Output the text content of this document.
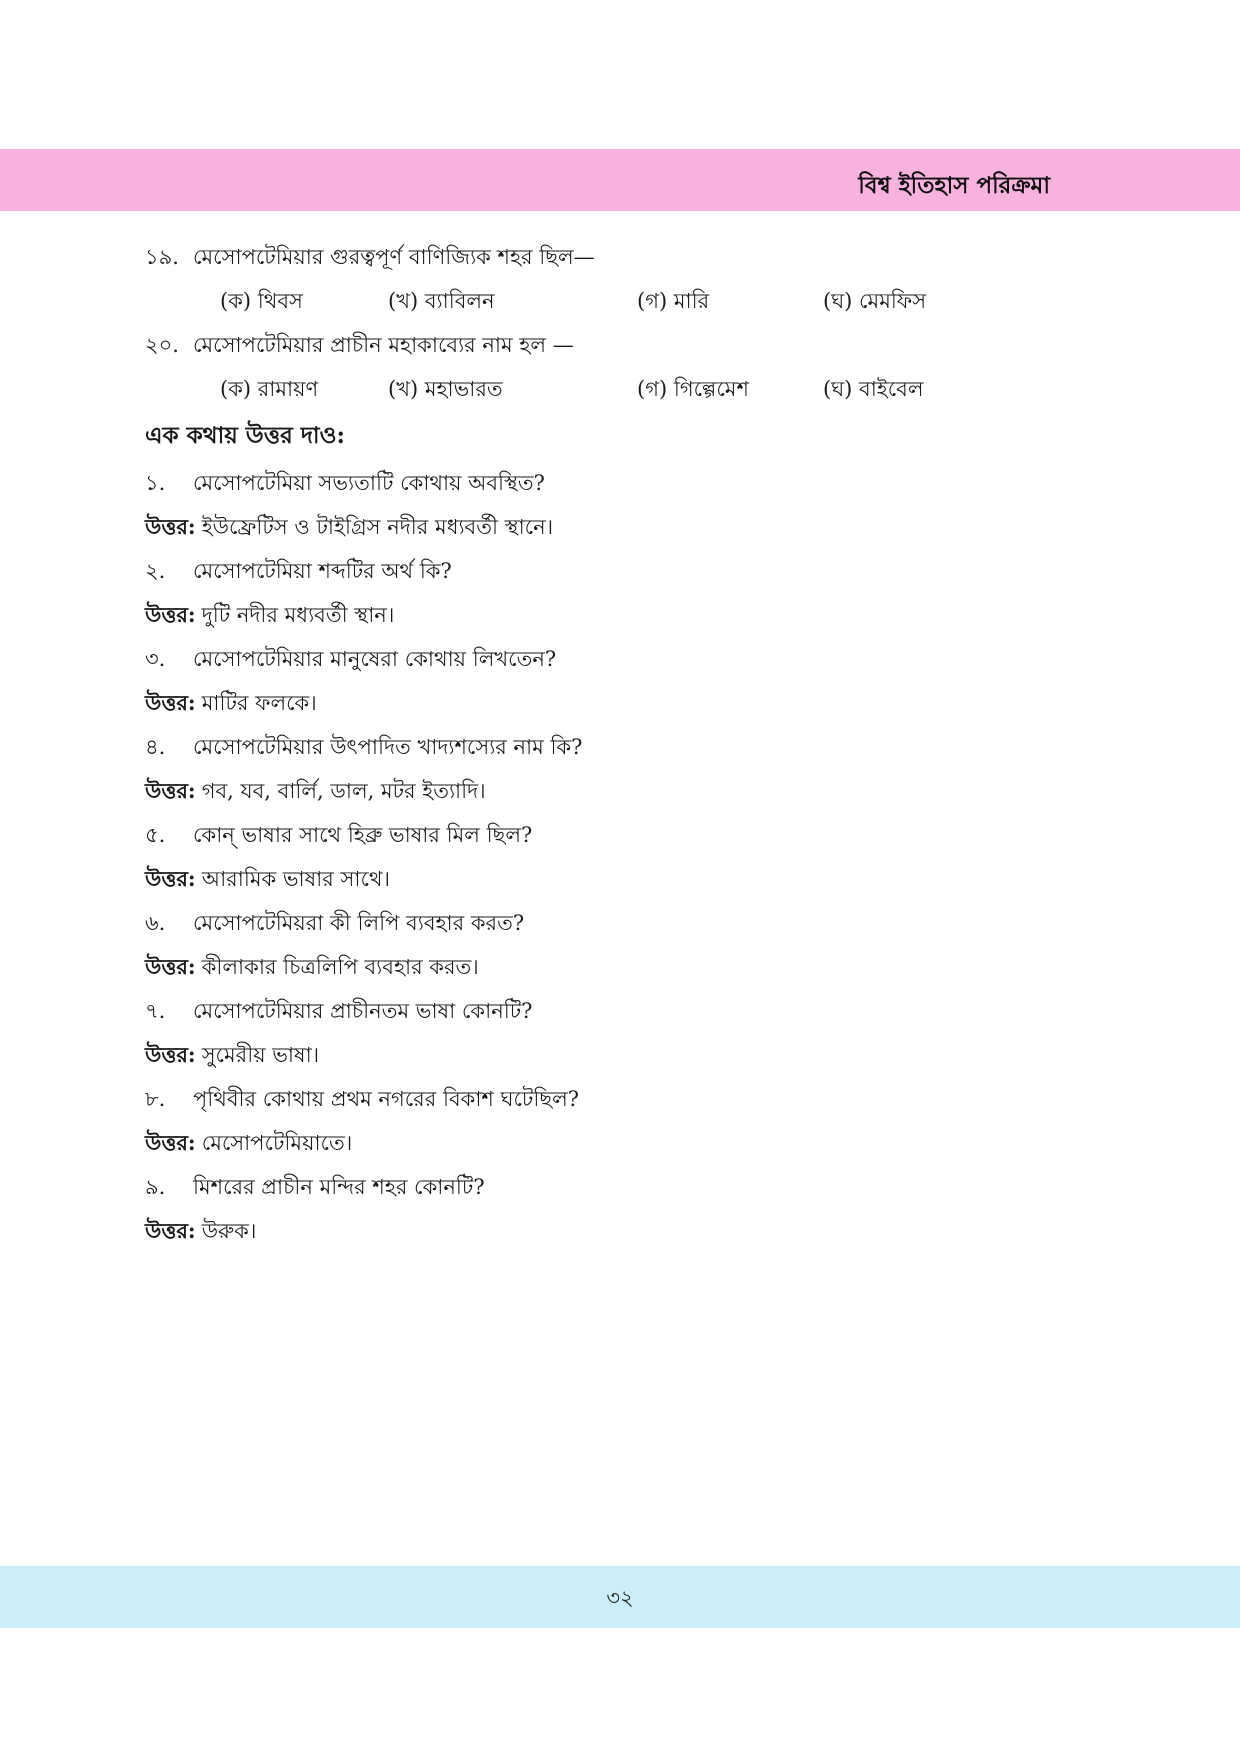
বিশ্ব ইতিহাস পরিক্রমা
১৯. মেসোপটেমিয়ার গুরত্বপূর্ণ বাণিজ্যিক শহর ছিল—
(ক) থিবস	(খ) ব্যাবিলন	(গ) মারি	(ঘ) মেমফিস
২০. মেসোপটেমিয়ার প্রাচীন মহাকাব্যের নাম হল —
(ক) রামায়ণ	(খ) মহাভারত	(গ) গিল্গেমেশ	(ঘ) বাইবেল
এক কথায় উত্তর দাও:
১. মেসোপটেমিয়া সভ্যতাটি কোথায় অবস্থিত?
উত্তর: ইউফ্রেটিস ও টাইগ্রিস নদীর মধ্যবর্তী স্থানে।
২. মেসোপটেমিয়া শব্দটির অর্থ কি?
উত্তর: দুটি নদীর মধ্যবর্তী স্থান।
৩. মেসোপটেমিয়ার মানুষেরা কোথায় লিখতেন?
উত্তর: মাটির ফলকে।
৪. মেসোপটেমিয়ার উৎপাদিত খাদ্যশস্যের নাম কি?
উত্তর: গব, যব, বার্লি, ডাল, মটর ইত্যাদি।
৫. কোন্ ভাষার সাথে হিব্রু ভাষার মিল ছিল?
উত্তর: আরামিক ভাষার সাথে।
৬. মেসোপটেমিয়রা কী লিপি ব্যবহার করত?
উত্তর: কীলাকার চিত্রলিপি ব্যবহার করত।
৭. মেসোপটেমিয়ার প্রাচীনতম ভাষা কোনটি?
উত্তর: সুমেরীয় ভাষা।
৮. পৃথিবীর কোথায় প্রথম নগরের বিকাশ ঘটেছিল?
উত্তর: মেসোপটেমিয়াতে।
৯. মিশরের প্রাচীন মন্দির শহর কোনটি?
উত্তর: উরুক।
৩২
